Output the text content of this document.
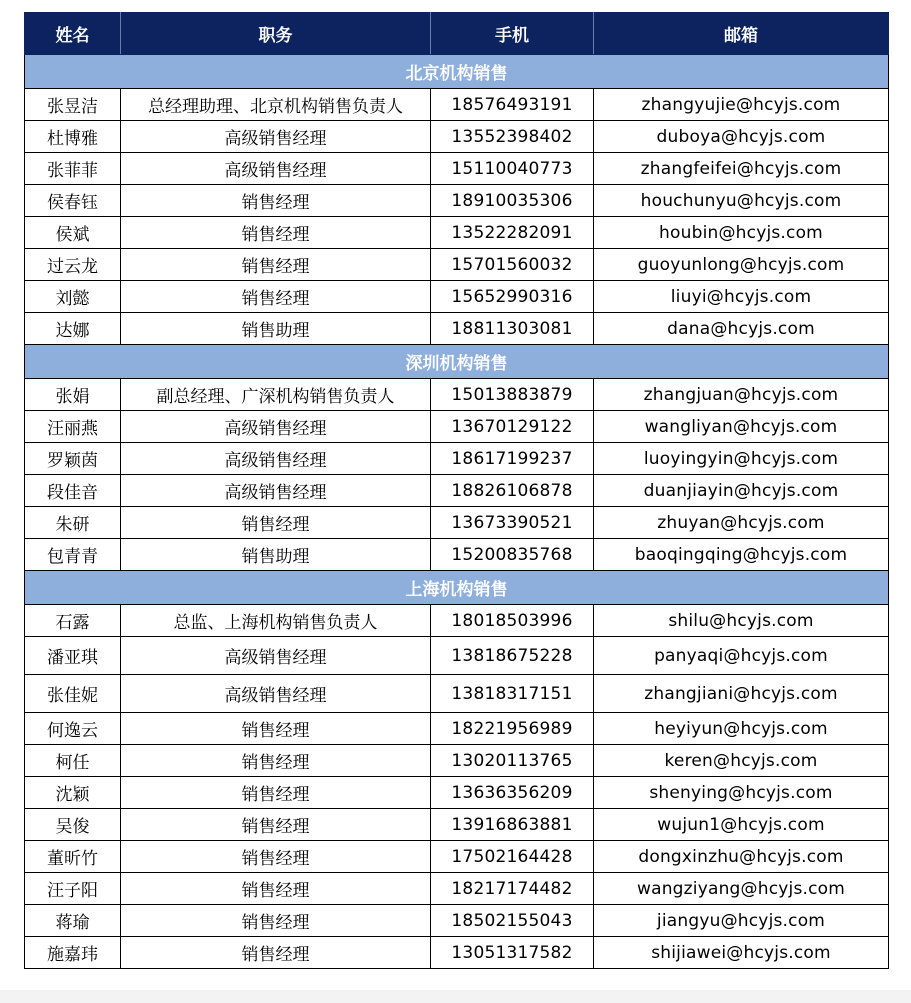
姓名	职务	手机	邮箱
北京机构销售			
张昱洁	总经理助理、北京机构销售负责人	18576493191	zhangyujie@hcyjs.com
杜博雅	高级销售经理	13552398402	duboya@hcyjs.com
张菲菲	高级销售经理	15110040773	zhangfeifei@hcyjs.com
侯春钰	销售经理	18910035306	houchunyu@hcyjs.com
侯斌	销售经理	13522282091	houbin@hcyjs.com
过云龙	销售经理	15701560032	guoyunlong@hcyjs.com
刘懿	销售经理	15652990316	liuyi@hcyjs.com
达娜	销售助理	18811303081	dana@hcyjs.com
深圳机构销售			
张娟	副总经理、广深机构销售负责人	15013883879	zhangjuan@hcyjs.com
汪丽燕	高级销售经理	13670129122	wangliyan@hcyjs.com
罗颖茵	高级销售经理	18617199237	luoyingyin@hcyjs.com
段佳音	高级销售经理	18826106878	duanjiayin@hcyjs.com
朱研	销售经理	13673390521	zhuyan@hcyjs.com
包青青	销售助理	15200835768	baoqingqing@hcyjs.com
上海机构销售			
石露	总监、上海机构销售负责人	18018503996	shilu@hcyjs.com
潘亚琪	高级销售经理	13818675228	panyaqi@hcyjs.com
张佳妮	高级销售经理	13818317151	zhangjiani@hcyjs.com
何逸云	销售经理	18221956989	heyiyun@hcyjs.com
柯任	销售经理	13020113765	keren@hcyjs.com
沈颖	销售经理	13636356209	shenying@hcyjs.com
吴俊	销售经理	13916863881	wujun1@hcyjs.com
董昕竹	销售经理	17502164428	dongxinzhu@hcyjs.com
汪子阳	销售经理	18217174482	wangziyang@hcyjs.com
蒋瑜	销售经理	18502155043	jiangyu@hcyjs.com
施嘉玮	销售经理	13051317582	shijiawei@hcyjs.com
